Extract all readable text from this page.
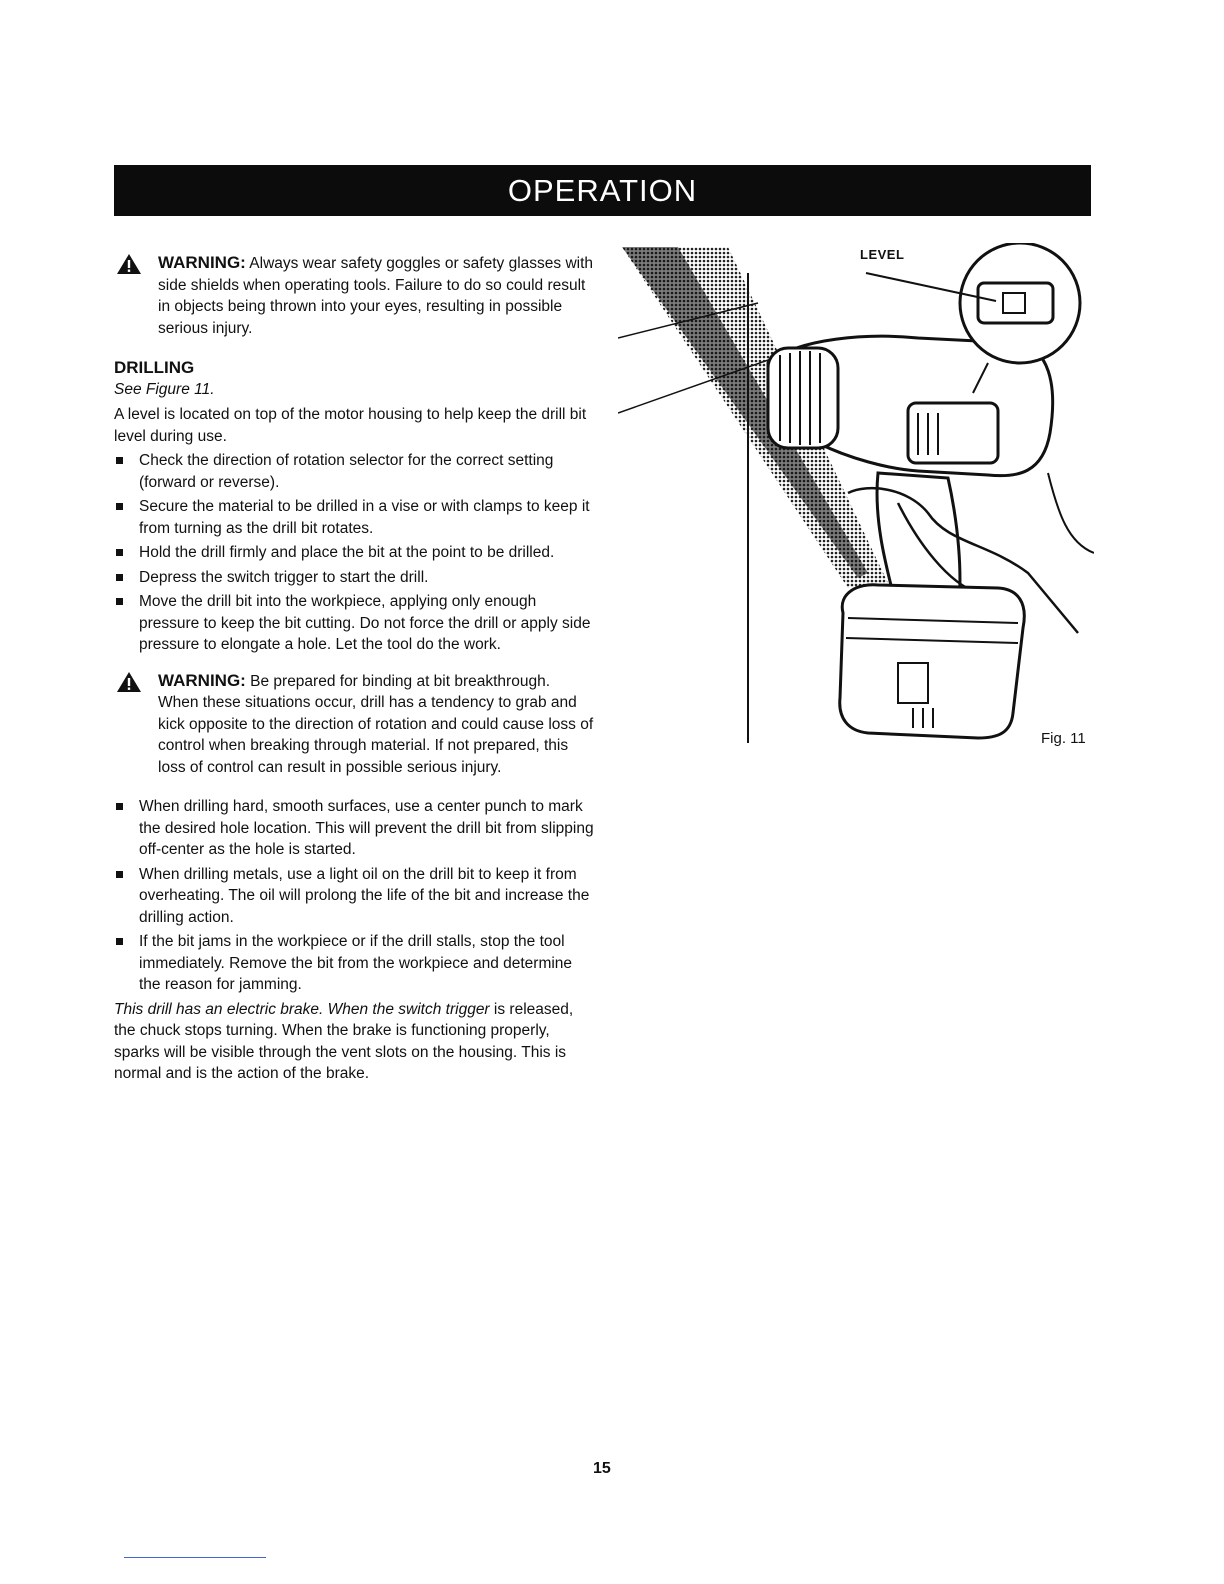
OPERATION
WARNING: Always wear safety goggles or safety glasses with side shields when operating tools. Failure to do so could result in objects being thrown into your eyes, resulting in possible serious injury.
DRILLING
See Figure 11.

A level is located on top of the motor housing to help keep the drill bit level during use.

Check the direction of rotation selector for the correct setting (forward or reverse).
Secure the material to be drilled in a vise or with clamps to keep it from turning as the drill bit rotates.
Hold the drill firmly and place the bit at the point to be drilled.
Depress the switch trigger to start the drill.
Move the drill bit into the workpiece, applying only enough pressure to keep the bit cutting. Do not force the drill or apply side pressure to elongate a hole. Let the tool do the work.
WARNING: Be prepared for binding at bit breakthrough. When these situations occur, drill has a tendency to grab and kick opposite to the direction of rotation and could cause loss of control when breaking through material. If not prepared, this loss of control can result in possible serious injury.
When drilling hard, smooth surfaces, use a center punch to mark the desired hole location. This will prevent the drill bit from slipping off-center as the hole is started.
When drilling metals, use a light oil on the drill bit to keep it from overheating. The oil will prolong the life of the bit and increase the drilling action.
If the bit jams in the workpiece or if the drill stalls, stop the tool immediately. Remove the bit from the workpiece and determine the reason for jamming.

This drill has an electric brake. When the switch trigger is released, the chuck stops turning. When the brake is functioning properly, sparks will be visible through the vent slots on the housing. This is normal and is the action of the brake.

LEVEL
Fig. 11
15
